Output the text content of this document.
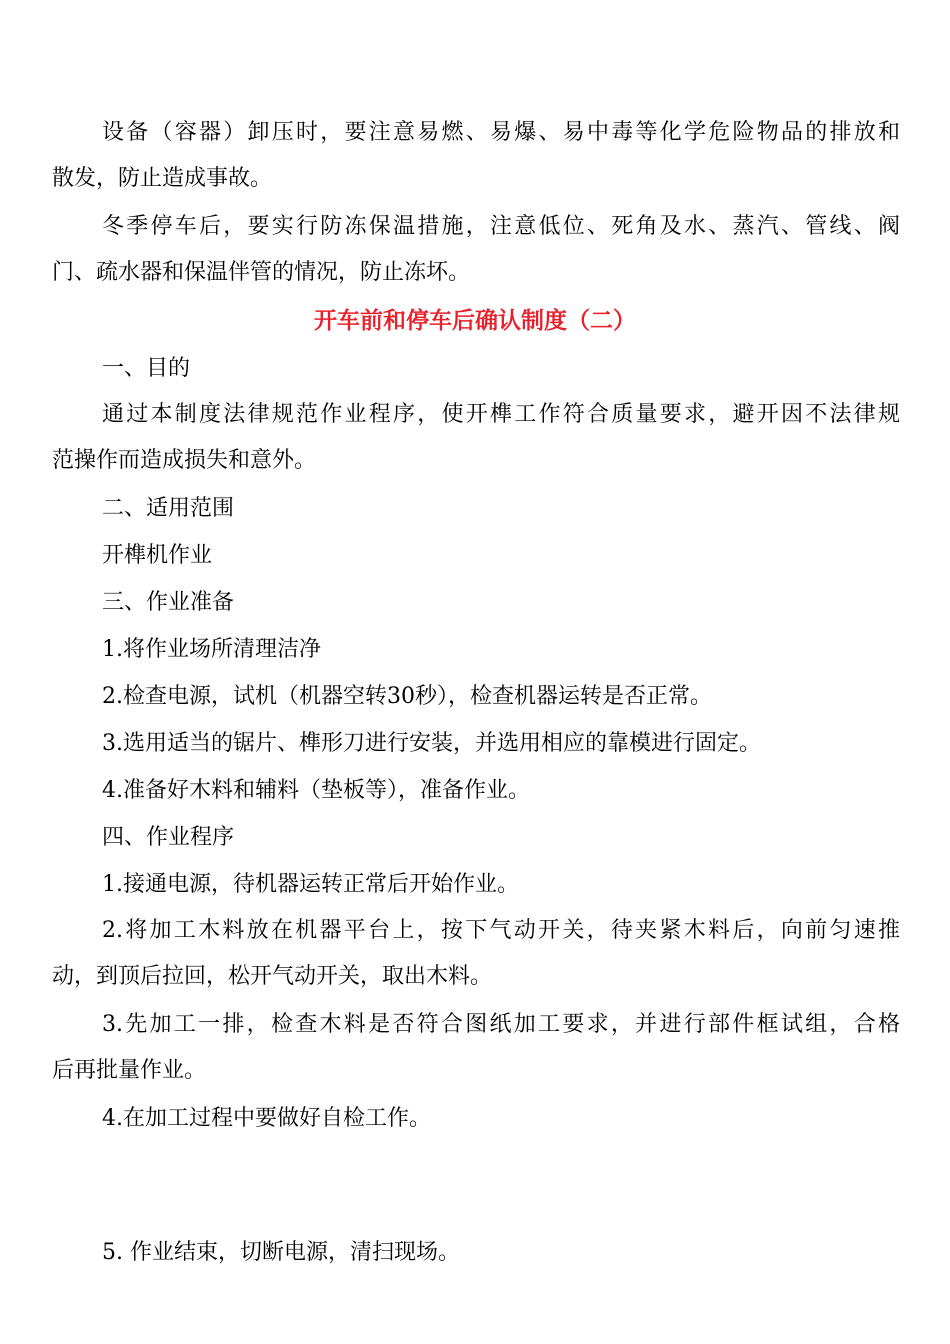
设备（容器）卸压时，要注意易燃、易爆、易中毒等化学危险物品的排放和
散发，防止造成事故。
冬季停车后，要实行防冻保温措施，注意低位、死角及水、蒸汽、管线、阀
门、疏水器和保温伴管的情况，防止冻坏。
开车前和停车后确认制度（二）
一、目的
通过本制度法律规范作业程序，使开榫工作符合质量要求，避开因不法律规
范操作而造成损失和意外。
二、适用范围
开榫机作业
三、作业准备
1.将作业场所清理洁净
2.检查电源，试机（机器空转30秒），检查机器运转是否正常。
3.选用适当的锯片、榫形刀进行安装，并选用相应的靠模进行固定。
4.准备好木料和辅料（垫板等），准备作业。
四、作业程序
1.接通电源，待机器运转正常后开始作业。
2.将加工木料放在机器平台上，按下气动开关，待夹紧木料后，向前匀速推
动，到顶后拉回，松开气动开关，取出木料。
3.先加工一排，检查木料是否符合图纸加工要求，并进行部件框试组，合格
后再批量作业。
4.在加工过程中要做好自检工作。
5. 作业结束，切断电源，清扫现场。
